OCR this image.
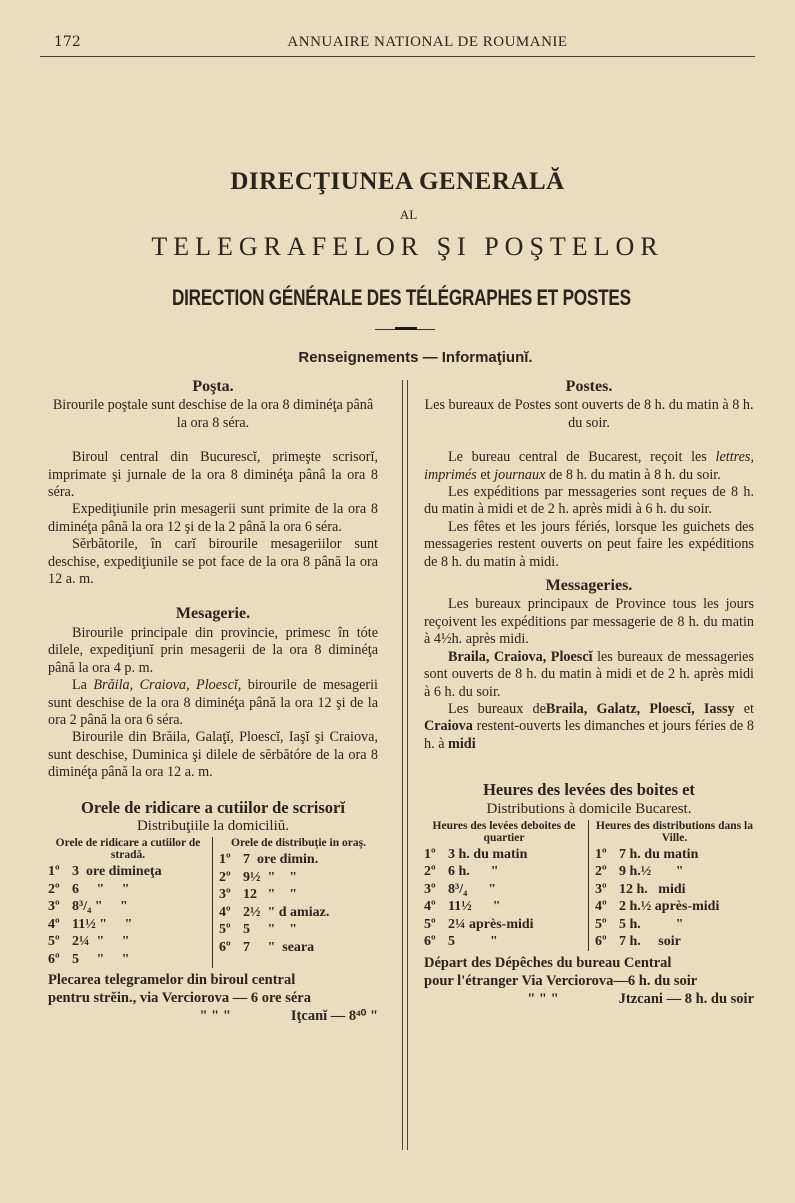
172	ANNUAIRE NATIONAL DE ROUMANIE
DIRECŢIUNEA GENERALĂ
AL
TELEGRAFELOR ŞI POŞTELOR
DIRECTION GÉNÉRALE DES TÉLÉGRAPHES ET POSTES
Renseignements — Informaţiunĭ.
Poşta.

Birourile poştale sunt deschise de la ora 8 diminéţa pânâ la ora 8 séra.

Biroul central din Bucurescĭ, primeşte scrisorĭ, imprimate şi jurnale de la ora 8 diminéţa pânâ la ora 8 séra.

Expediţiunile prin mesagerii sunt primite de la ora 8 diminéţa până la ora 12 şi de la 2 până la ora 6 séra.

Sĕrbătorile, în carĭ birourile mesageriilor sunt deschise, expediţiunile se pot face de la ora 8 până la ora 12 a. m.

Mesagerie.

Birourile principale din provincie, primesc în tóte dilele, expediţiunĭ prin mesagerii de la ora 8 diminéţa până la ora 4 p. m.

La Brăila, Craiova, Ploescĭ, birourile de mesagerii sunt deschise de la ora 8 diminéţa până la ora 12 şi de la ora 2 până la ora 6 séra.

Birourile din Brăila, Galaţĭ, Ploescĭ, Iaşĭ şi Craiova, sunt deschise, Duminica şi dilele de sĕrbătóre de la ora 8 diminéţa până la ora 12 a. m.

Orele de ridicare a cutiilor de scrisorĭ
Distribuţiile la domiciliŭ.
Orele de ridicare a cutiilor de stradă.
1º 3  ore dimineţa
2º 6     "     "
3º 8³/₄ "     "
4º 11½ "     "
5º 2¼  "     "
6º 5     "     "
Orele de distribuţie in oraş.
1º 7  ore dimin.
2º 9½  "    "
3º 12   "    "
4º 2½  " d amiaz.
5º 5     "    "
6º 7     "  seara
Plecarea telegramelor din biroul central
pentru strĕin., via Verciorova — 6 ore séra
" " "	Iţcanĭ — 8⁴⁰ "
Postes.

Les bureaux de Postes sont ouverts de 8 h. du matin à 8 h. du soir.

Le bureau central de Bucarest, reçoit les lettres, imprimés et journaux de 8 h. du matin à 8 h. du soir.

Les expéditions par messageries sont reçues de 8 h. du matin à midi et de 2 h. après midi à 6 h. du soir.

Les fêtes et les jours fériés, lorsque les guichets des messageries restent ouverts on peut faire les expéditions de 8 h. du matin à midi.

Messageries.

Les bureaux principaux de Province tous les jours reçoivent les expéditions par messagerie de 8 h. du matin à 4½h. après midi.

Braila, Craiova, Ploescĭ les bureaux de messageries sont ouverts de 8 h. du matin à midi et de 2 h. après midi à 6 h. du soir.

Les bureaux deBraila, Galatz, Ploescĭ, Iassy et Craiova restent-ouverts les dimanches et jours féries de 8 h. à midi

Heures des levées des boites et
Distributions à domicile Bucarest.
Heures des levées deboites de quartier
1º 3 h. du matin
2º 6 h.      "
3º 8³/₄      "
4º 11½      "
5º 2¼ après-midi
6º 5          "
Heures des distributions dans la Ville.
1º 7 h. du matin
2º 9 h.½       "
3º 12 h.   midi
4º 2 h.½ après-midi
5º 5 h.          "
6º 7 h.     soir
Départ des Dépêches du bureau Central
pour l'étranger Via Verciorova—6 h. du soir
" " "	Jtzcani — 8 h. du soir
